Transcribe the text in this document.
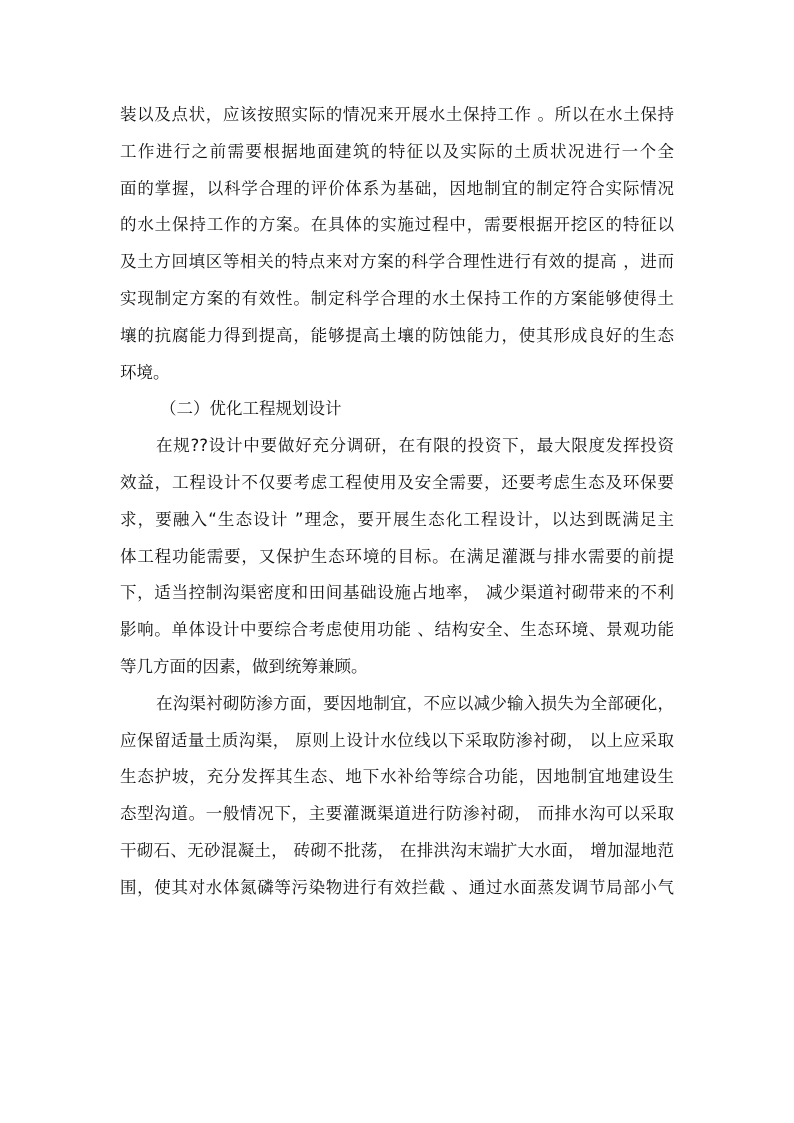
装以及点状，应该按照实际的情况来开展水土保持工作 。所以在水土保持
工作进行之前需要根据地面建筑的特征以及实际的土质状况进行一个全
面的掌握，以科学合理的评价体系为基础，因地制宜的制定符合实际情况
的水土保持工作的方案。在具体的实施过程中，需要根据开挖区的特征以
及土方回填区等相关的特点来对方案的科学合理性进行有效的提高 ，进而
实现制定方案的有效性。制定科学合理的水土保持工作的方案能够使得土
壤的抗腐能力得到提高，能够提高土壤的防蚀能力，使其形成良好的生态
环境。
（二）优化工程规划设计
在规??设计中要做好充分调研，在有限的投资下，最大限度发挥投资
效益，工程设计不仅要考虑工程使用及安全需要，还要考虑生态及环保要
求，要融入“生态设计 ”理念，要开展生态化工程设计，以达到既满足主
体工程功能需要，又保护生态环境的目标。在满足灌溉与排水需要的前提
下，适当控制沟渠密度和田间基础设施占地率， 减少渠道衬砌带来的不利
影响。单体设计中要综合考虑使用功能 、结构安全、生态环境、景观功能
等几方面的因素，做到统筹兼顾。
在沟渠衬砌防渗方面，要因地制宜，不应以减少输入损失为全部硬化，
应保留适量土质沟渠， 原则上设计水位线以下采取防渗衬砌， 以上应采取
生态护坡，充分发挥其生态、地下水补给等综合功能，因地制宜地建设生
态型沟道。一般情况下，主要灌溉渠道进行防渗衬砌， 而排水沟可以采取
干砌石、无砂混凝土， 砖砌不批荡， 在排洪沟末端扩大水面， 增加湿地范
围，使其对水体氮磷等污染物进行有效拦截 、通过水面蒸发调节局部小气
